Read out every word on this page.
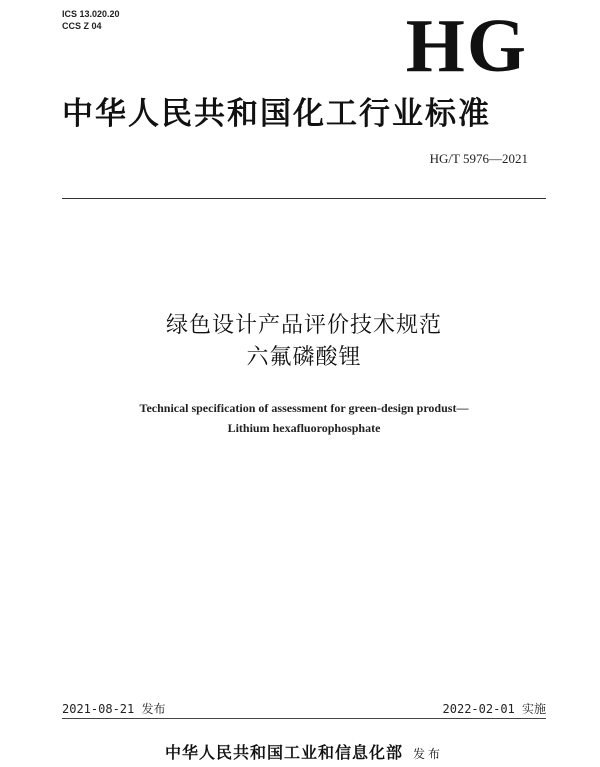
ICS 13.020.20
CCS Z 04	HG
中华人民共和国化工行业标准
HG/T 5976—2021
绿色设计产品评价技术规范
六氟磷酸锂
Technical specification of assessment for green-design produst—
Lithium hexafluorophosphate
2021-08-21 发布	2022-02-01 实施
中华人民共和国工业和信息化部 发布
